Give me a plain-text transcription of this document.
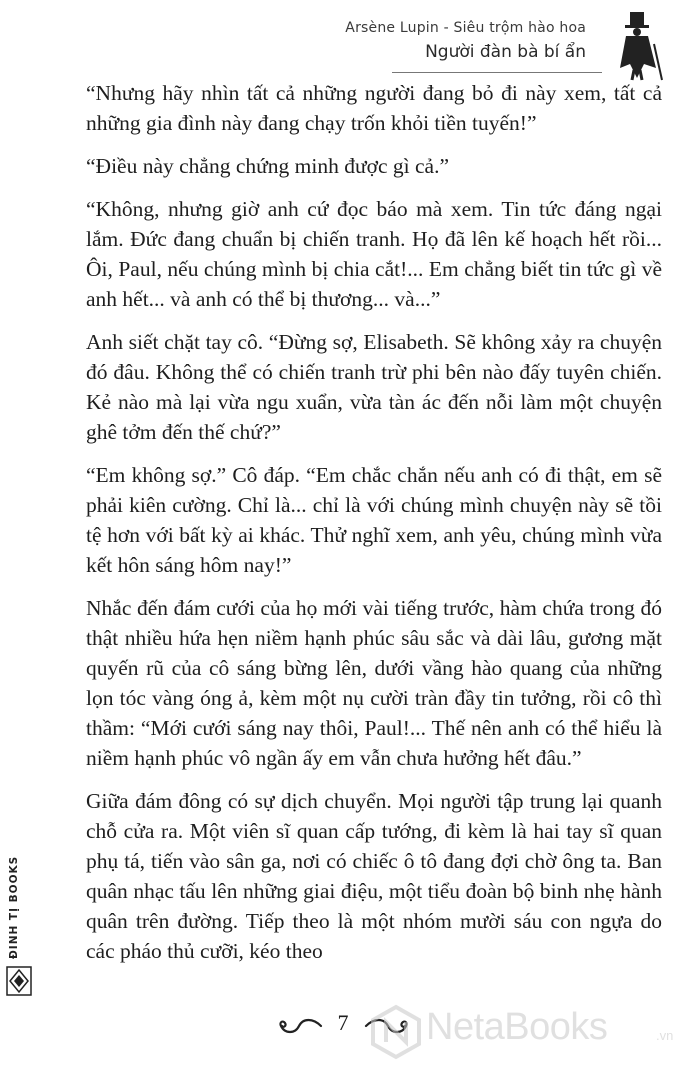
Arsène Lupin - Siêu trộm hào hoa
Người đàn bà bí ẩn

“Nhưng hãy nhìn tất cả những người đang bỏ đi này xem, tất cả những gia đình này đang chạy trốn khỏi tiền tuyến!”

“Điều này chẳng chứng minh được gì cả.”

“Không, nhưng giờ anh cứ đọc báo mà xem. Tin tức đáng ngại lắm. Đức đang chuẩn bị chiến tranh. Họ đã lên kế hoạch hết rồi... Ôi, Paul, nếu chúng mình bị chia cắt!... Em chẳng biết tin tức gì về anh hết... và anh có thể bị thương... và...”

Anh siết chặt tay cô. “Đừng sợ, Elisabeth. Sẽ không xảy ra chuyện đó đâu. Không thể có chiến tranh trừ phi bên nào đấy tuyên chiến. Kẻ nào mà lại vừa ngu xuẩn, vừa tàn ác đến nỗi làm một chuyện ghê tởm đến thế chứ?”

“Em không sợ.” Cô đáp. “Em chắc chắn nếu anh có đi thật, em sẽ phải kiên cường. Chỉ là... chỉ là với chúng mình chuyện này sẽ tồi tệ hơn với bất kỳ ai khác. Thử nghĩ xem, anh yêu, chúng mình vừa kết hôn sáng hôm nay!”

Nhắc đến đám cưới của họ mới vài tiếng trước, hàm chứa trong đó thật nhiều hứa hẹn niềm hạnh phúc sâu sắc và dài lâu, gương mặt quyến rũ của cô sáng bừng lên, dưới vầng hào quang của những lọn tóc vàng óng ả, kèm một nụ cười tràn đầy tin tưởng, rồi cô thì thầm: “Mới cưới sáng nay thôi, Paul!... Thế nên anh có thể hiểu là niềm hạnh phúc vô ngần ấy em vẫn chưa hưởng hết đâu.”

Giữa đám đông có sự dịch chuyển. Mọi người tập trung lại quanh chỗ cửa ra. Một viên sĩ quan cấp tướng, đi kèm là hai tay sĩ quan phụ tá, tiến vào sân ga, nơi có chiếc ô tô đang đợi chờ ông ta. Ban quân nhạc tấu lên những giai điệu, một tiểu đoàn bộ binh nhẹ hành quân trên đường. Tiếp theo là một nhóm mười sáu con ngựa do các pháo thủ cưỡi, kéo theo

ĐINH TỊ BOOKS
7 NetaBooks	.vn
